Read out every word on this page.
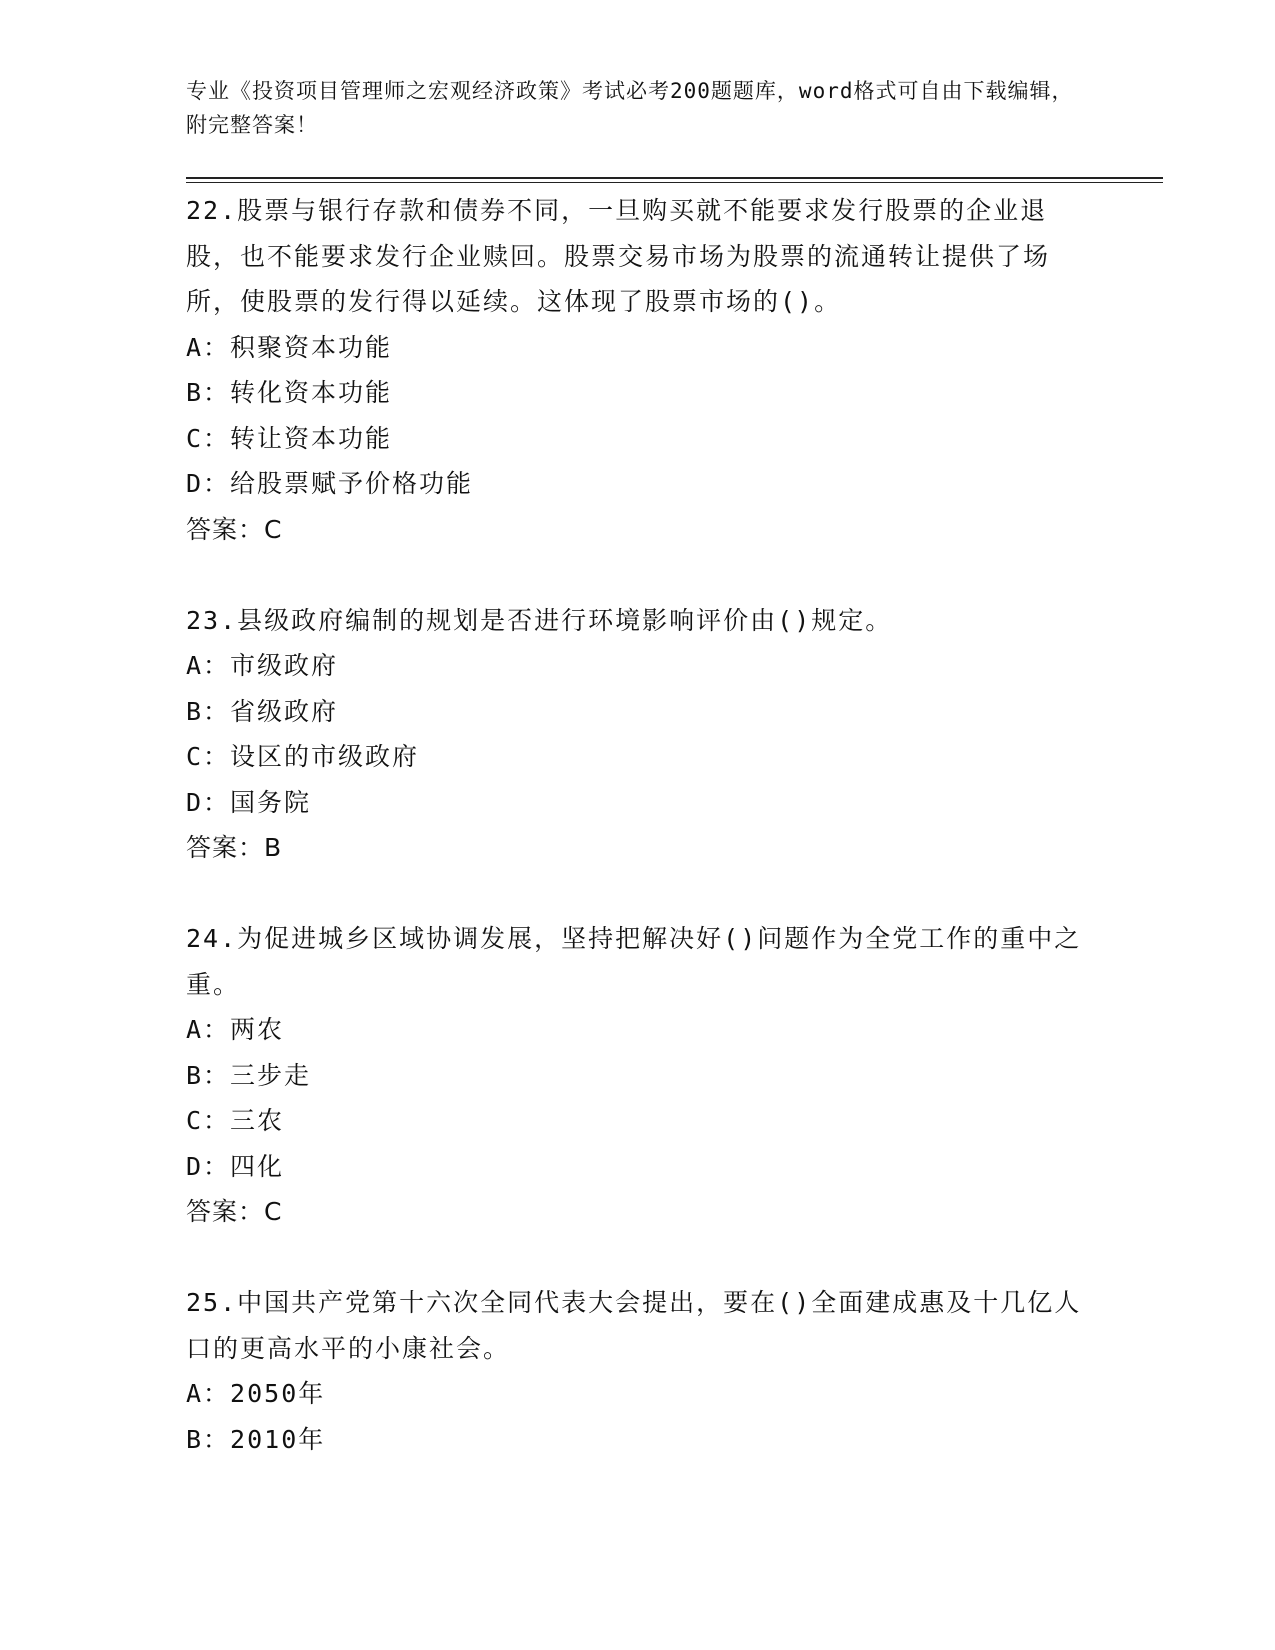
专业《投资项目管理师之宏观经济政策》考试必考200题题库，word格式可自由下载编辑，附完整答案！

22.股票与银行存款和债券不同，一旦购买就不能要求发行股票的企业退股，也不能要求发行企业赎回。股票交易市场为股票的流通转让提供了场所，使股票的发行得以延续。这体现了股票市场的()。

A：积聚资本功能

B：转化资本功能

C：转让资本功能

D：给股票赋予价格功能

答案：C

23.县级政府编制的规划是否进行环境影响评价由()规定。

A：市级政府

B：省级政府

C：设区的市级政府

D：国务院

答案：B

24.为促进城乡区域协调发展，坚持把解决好()问题作为全党工作的重中之重。

A：两农

B：三步走

C：三农

D：四化

答案：C

25.中国共产党第十六次全同代表大会提出，要在()全面建成惠及十几亿人口的更高水平的小康社会。

A：2050年

B：2010年
